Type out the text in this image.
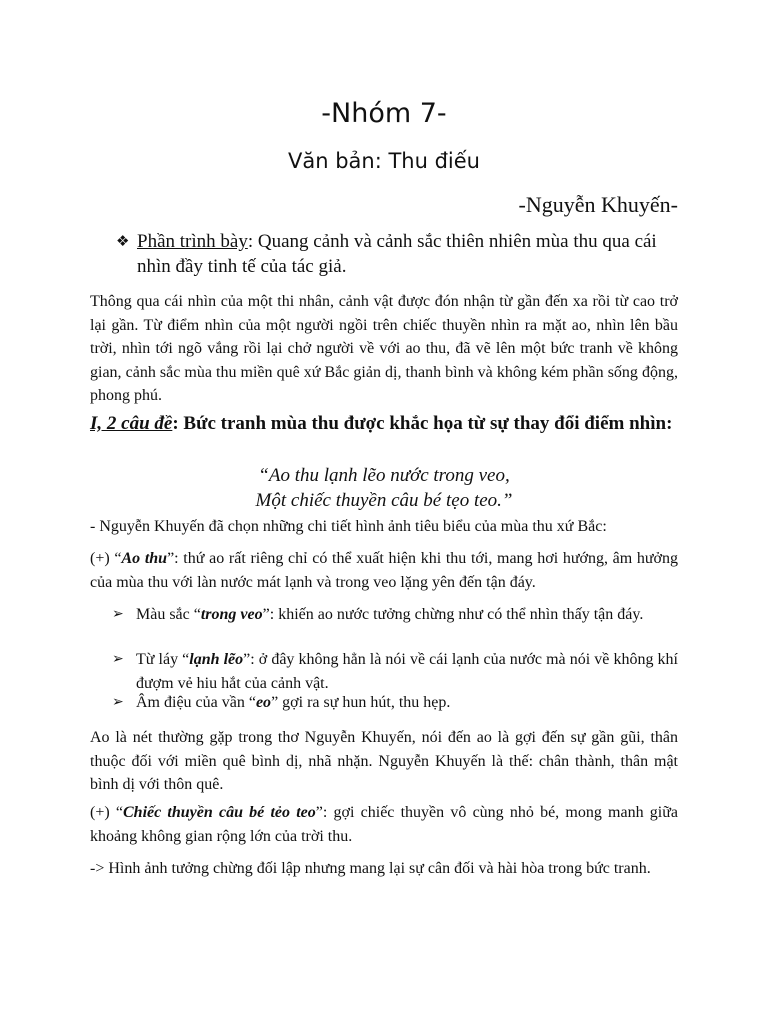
-Nhóm 7-
Văn bản: Thu điếu
-Nguyễn Khuyến-
❖ Phần trình bày: Quang cảnh và cảnh sắc thiên nhiên mùa thu qua cái nhìn đầy tinh tế của tác giả.
Thông qua cái nhìn của một thi nhân, cảnh vật được đón nhận từ gần đến xa rồi từ cao trở lại gần. Từ điểm nhìn của một người ngồi trên chiếc thuyền nhìn ra mặt ao, nhìn lên bầu trời, nhìn tới ngõ vắng rồi lại chở người về với ao thu, đã vẽ lên một bức tranh về không gian, cảnh sắc mùa thu miền quê xứ Bắc giản dị, thanh bình và không kém phần sống động, phong phú.
I, 2 câu đề: Bức tranh mùa thu được khắc họa từ sự thay đổi điểm nhìn:
“Ao thu lạnh lẽo nước trong veo,
Một chiếc thuyền câu bé tẹo teo.”
- Nguyễn Khuyến đã chọn những chi tiết hình ảnh tiêu biểu của mùa thu xứ Bắc:
(+) “Ao thu”: thứ ao rất riêng chỉ có thể xuất hiện khi thu tới, mang hơi hướng, âm hưởng của mùa thu với làn nước mát lạnh và trong veo lặng yên đến tận đáy.
➢ Màu sắc “trong veo”: khiến ao nước tưởng chừng như có thể nhìn thấy tận đáy.
➢ Từ láy “lạnh lẽo”: ở đây không hẳn là nói về cái lạnh của nước mà nói về không khí đượm vẻ hiu hắt của cảnh vật.
➢ Âm điệu của vần “eo” gợi ra sự hun hút, thu hẹp.
Ao là nét thường gặp trong thơ Nguyễn Khuyến, nói đến ao là gợi đến sự gần gũi, thân thuộc đối với miền quê bình dị, nhã nhặn. Nguyễn Khuyến là thế: chân thành, thân mật bình dị với thôn quê.
(+) “Chiếc thuyền câu bé tẻo teo”: gợi chiếc thuyền vô cùng nhỏ bé, mong manh giữa khoảng không gian rộng lớn của trời thu.
-> Hình ảnh tưởng chừng đối lập nhưng mang lại sự cân đối và hài hòa trong bức tranh.
